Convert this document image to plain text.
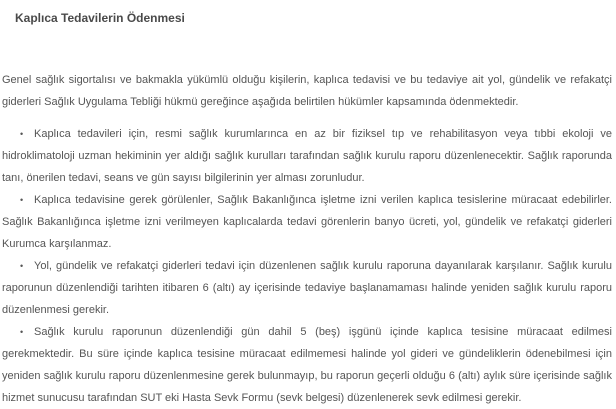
Kaplıca Tedavilerin Ödenmesi

Genel sağlık sigortalısı ve bakmakla yükümlü olduğu kişilerin, kaplıca tedavisi ve bu tedaviye ait yol, gündelik ve refakatçi giderleri Sağlık Uygulama Tebliği hükmü gereğince aşağıda belirtilen hükümler kapsamında ödenmektedir.

• Kaplıca tedavileri için, resmi sağlık kurumlarınca en az bir fiziksel tıp ve rehabilitasyon veya tıbbi ekoloji ve hidroklimatoloji uzman hekiminin yer aldığı sağlık kurulları tarafından sağlık kurulu raporu düzenlenecektir. Sağlık raporunda tanı, önerilen tedavi, seans ve gün sayısı bilgilerinin yer alması zorunludur.
• Kaplıca tedavisine gerek görülenler, Sağlık Bakanlığınca işletme izni verilen kaplıca tesislerine müracaat edebilirler. Sağlık Bakanlığınca işletme izni verilmeyen kaplıcalarda tedavi görenlerin banyo ücreti, yol, gündelik ve refakatçi giderleri Kurumca karşılanmaz.
• Yol, gündelik ve refakatçi giderleri tedavi için düzenlenen sağlık kurulu raporuna dayanılarak karşılanır. Sağlık kurulu raporunun düzenlendiği tarihten itibaren 6 (altı) ay içerisinde tedaviye başlanamaması halinde yeniden sağlık kurulu raporu düzenlenmesi gerekir.
• Sağlık kurulu raporunun düzenlendiği gün dahil 5 (beş) işgünü içinde kaplıca tesisine müracaat edilmesi gerekmektedir. Bu süre içinde kaplıca tesisine müracaat edilmemesi halinde yol gideri ve gündeliklerin ödenebilmesi için yeniden sağlık kurulu raporu düzenlenmesine gerek bulunmayıp, bu raporun geçerli olduğu 6 (altı) aylık süre içerisinde sağlık hizmet sunucusu tarafından SUT eki Hasta Sevk Formu (sevk belgesi) düzenlenerek sevk edilmesi gerekir.
